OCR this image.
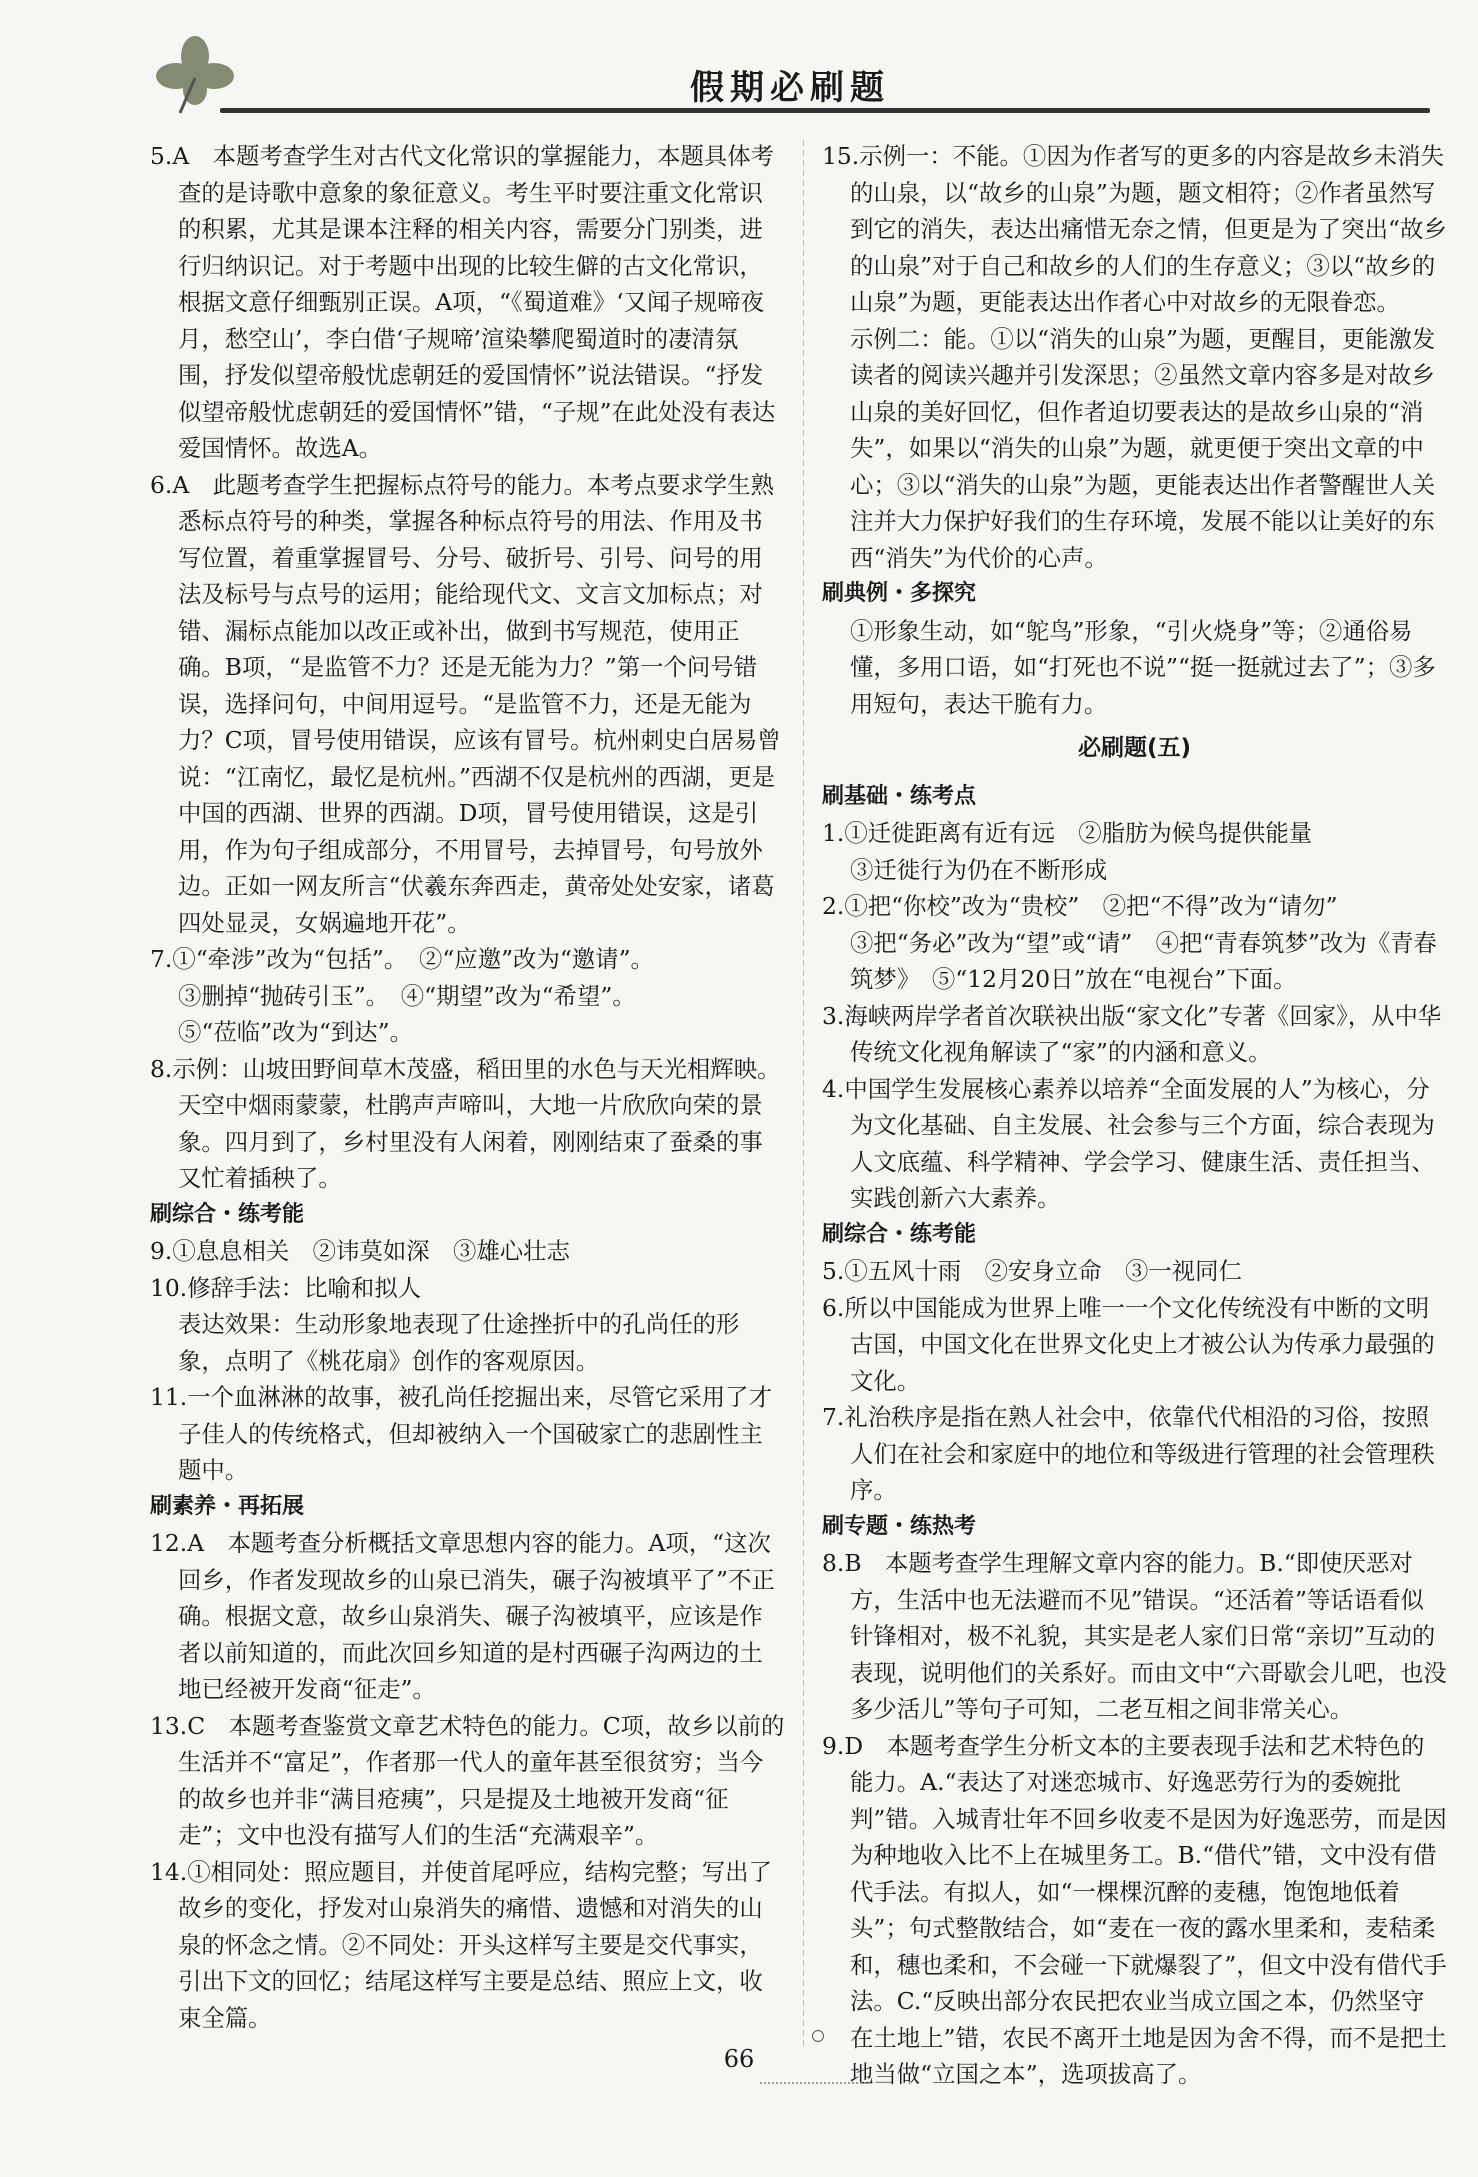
假期必刷题

5.A　本题考查学生对古代文化常识的掌握能力，本题具体考查的是诗歌中意象的象征意义。考生平时要注重文化常识的积累，尤其是课本注释的相关内容，需要分门别类，进行归纳识记。对于考题中出现的比较生僻的古文化常识，根据文意仔细甄别正误。A项，“《蜀道难》‘又闻子规啼夜月，愁空山’，李白借‘子规啼’渲染攀爬蜀道时的凄清氛围，抒发似望帝般忧虑朝廷的爱国情怀”说法错误。“抒发似望帝般忧虑朝廷的爱国情怀”错，“子规”在此处没有表达爱国情怀。故选A。

6.A　此题考查学生把握标点符号的能力。本考点要求学生熟悉标点符号的种类，掌握各种标点符号的用法、作用及书写位置，着重掌握冒号、分号、破折号、引号、问号的用法及标号与点号的运用；能给现代文、文言文加标点；对错、漏标点能加以改正或补出，做到书写规范，使用正确。B项，“是监管不力？还是无能为力？”第一个问号错误，选择问句，中间用逗号。“是监管不力，还是无能为力？C项，冒号使用错误，应该有冒号。杭州刺史白居易曾说：“江南忆，最忆是杭州。”西湖不仅是杭州的西湖，更是中国的西湖、世界的西湖。D项，冒号使用错误，这是引用，作为句子组成部分，不用冒号，去掉冒号，句号放外边。正如一网友所言“伏羲东奔西走，黄帝处处安家，诸葛四处显灵，女娲遍地开花”。

7.①“牵涉”改为“包括”。　②“应邀”改为“邀请”。

③删掉“抛砖引玉”。　④“期望”改为“希望”。

⑤“莅临”改为“到达”。

8.示例：山坡田野间草木茂盛，稻田里的水色与天光相辉映。天空中烟雨蒙蒙，杜鹃声声啼叫，大地一片欣欣向荣的景象。四月到了，乡村里没有人闲着，刚刚结束了蚕桑的事又忙着插秧了。

刷综合・练考能

9.①息息相关　②讳莫如深　③雄心壮志

10.修辞手法：比喻和拟人

表达效果：生动形象地表现了仕途挫折中的孔尚任的形象，点明了《桃花扇》创作的客观原因。

11.一个血淋淋的故事，被孔尚任挖掘出来，尽管它采用了才子佳人的传统格式，但却被纳入一个国破家亡的悲剧性主题中。

刷素养・再拓展

12.A　本题考查分析概括文章思想内容的能力。A项，“这次回乡，作者发现故乡的山泉已消失，碾子沟被填平了”不正确。根据文意，故乡山泉消失、碾子沟被填平，应该是作者以前知道的，而此次回乡知道的是村西碾子沟两边的土地已经被开发商“征走”。

13.C　本题考查鉴赏文章艺术特色的能力。C项，故乡以前的生活并不“富足”，作者那一代人的童年甚至很贫穷；当今的故乡也并非“满目疮痍”，只是提及土地被开发商“征走”；文中也没有描写人们的生活“充满艰辛”。

14.①相同处：照应题目，并使首尾呼应，结构完整；写出了故乡的变化，抒发对山泉消失的痛惜、遗憾和对消失的山泉的怀念之情。②不同处：开头这样写主要是交代事实，引出下文的回忆；结尾这样写主要是总结、照应上文，收束全篇。

15.示例一：不能。①因为作者写的更多的内容是故乡未消失的山泉，以“故乡的山泉”为题，题文相符；②作者虽然写到它的消失，表达出痛惜无奈之情，但更是为了突出“故乡的山泉”对于自己和故乡的人们的生存意义；③以“故乡的山泉”为题，更能表达出作者心中对故乡的无限眷恋。

示例二：能。①以“消失的山泉”为题，更醒目，更能激发读者的阅读兴趣并引发深思；②虽然文章内容多是对故乡山泉的美好回忆，但作者迫切要表达的是故乡山泉的“消失”，如果以“消失的山泉”为题，就更便于突出文章的中心；③以“消失的山泉”为题，更能表达出作者警醒世人关注并大力保护好我们的生存环境，发展不能以让美好的东西“消失”为代价的心声。

刷典例・多探究

①形象生动，如“鸵鸟”形象，“引火烧身”等；②通俗易懂，多用口语，如“打死也不说”“挺一挺就过去了”；③多用短句，表达干脆有力。

必刷题(五)

刷基础・练考点

1.①迁徙距离有近有远　②脂肪为候鸟提供能量

③迁徙行为仍在不断形成

2.①把“你校”改为“贵校”　②把“不得”改为“请勿”

③把“务必”改为“望”或“请”　④把“青春筑梦”改为《青春筑梦》　⑤“12月20日”放在“电视台”下面。

3.海峡两岸学者首次联袂出版“家文化”专著《回家》，从中华传统文化视角解读了“家”的内涵和意义。

4.中国学生发展核心素养以培养“全面发展的人”为核心，分为文化基础、自主发展、社会参与三个方面，综合表现为人文底蕴、科学精神、学会学习、健康生活、责任担当、实践创新六大素养。

刷综合・练考能

5.①五风十雨　②安身立命　③一视同仁

6.所以中国能成为世界上唯一一个文化传统没有中断的文明古国，中国文化在世界文化史上才被公认为传承力最强的文化。

7.礼治秩序是指在熟人社会中，依靠代代相沿的习俗，按照人们在社会和家庭中的地位和等级进行管理的社会管理秩序。

刷专题・练热考

8.B　本题考查学生理解文章内容的能力。B.“即使厌恶对方，生活中也无法避而不见”错误。“还活着”等话语看似针锋相对，极不礼貌，其实是老人家们日常“亲切”互动的表现，说明他们的关系好。而由文中“六哥歇会儿吧，也没多少活儿”等句子可知，二老互相之间非常关心。

9.D　本题考查学生分析文本的主要表现手法和艺术特色的能力。A.“表达了对迷恋城市、好逸恶劳行为的委婉批判”错。入城青壮年不回乡收麦不是因为好逸恶劳，而是因为种地收入比不上在城里务工。B.“借代”错，文中没有借代手法。有拟人，如“一棵棵沉醉的麦穗，饱饱地低着头”；句式整散结合，如“麦在一夜的露水里柔和，麦秸柔和，穗也柔和，不会碰一下就爆裂了”，但文中没有借代手法。C.“反映出部分农民把农业当成立国之本，仍然坚守在土地上”错，农民不离开土地是因为舍不得，而不是把土地当做“立国之本”，选项拔高了。

66
